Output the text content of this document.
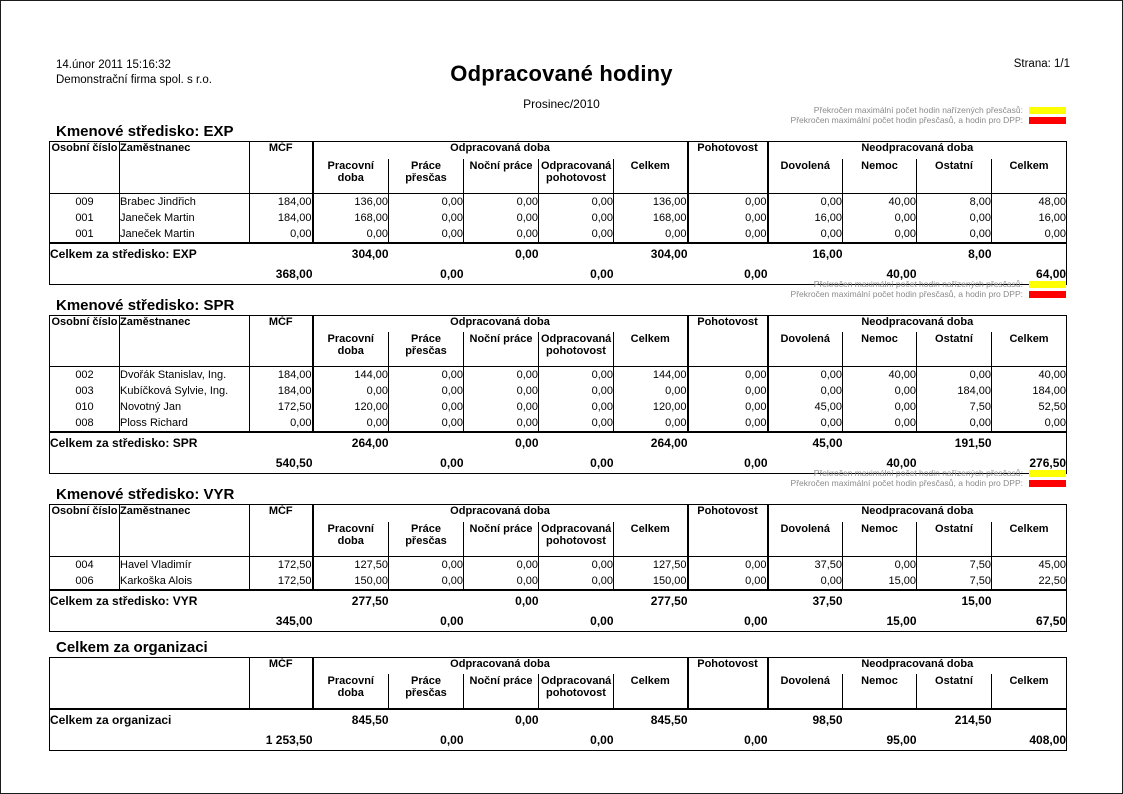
14.únor 2011 15:16:32
Demonstrační firma spol. s r.o.	Odpracované hodiny
Prosinec/2010
Strana: 1/1
Překročen maximální počet hodin nařízených přesčasů:
Překročen maximální počet hodin přesčasů, a hodin pro DPP:
Kmenové středisko: EXP
Osobní číslo	Zaměstnanec	MČF	Odpracovaná doba					Pohotovost	Neodpracovaná doba			
			Pracovní doba	Práce přesčas	Noční práce	Odpracovaná pohotovost	Celkem		Dovolená	Nemoc	Ostatní	Celkem
009	Brabec Jindřich	184,00	136,00	0,00	0,00	0,00	136,00	0,00	0,00	40,00	8,00	48,00
001	Janeček Martin	184,00	168,00	0,00	0,00	0,00	168,00	0,00	16,00	0,00	0,00	16,00
001	Janeček Martin	0,00	0,00	0,00	0,00	0,00	0,00	0,00	0,00	0,00	0,00	0,00
Celkem za středisko: EXP			304,00		0,00		304,00		16,00		8,00	
		368,00		0,00		0,00		0,00		40,00		64,00
Překročen maximální počet hodin nařízených přesčasů:
Překročen maximální počet hodin přesčasů, a hodin pro DPP:
Kmenové středisko: SPR
Osobní číslo	Zaměstnanec	MČF	Odpracovaná doba					Pohotovost	Neodpracovaná doba			
			Pracovní doba	Práce přesčas	Noční práce	Odpracovaná pohotovost	Celkem		Dovolená	Nemoc	Ostatní	Celkem
002	Dvořák Stanislav, Ing.	184,00	144,00	0,00	0,00	0,00	144,00	0,00	0,00	40,00	0,00	40,00
003	Kubíčková Sylvie, Ing.	184,00	0,00	0,00	0,00	0,00	0,00	0,00	0,00	0,00	184,00	184,00
010	Novotný Jan	172,50	120,00	0,00	0,00	0,00	120,00	0,00	45,00	0,00	7,50	52,50
008	Ploss Richard	0,00	0,00	0,00	0,00	0,00	0,00	0,00	0,00	0,00	0,00	0,00
Celkem za středisko: SPR			264,00		0,00		264,00		45,00		191,50	
		540,50		0,00		0,00		0,00		40,00		276,50
Překročen maximální počet hodin nařízených přesčasů:
Překročen maximální počet hodin přesčasů, a hodin pro DPP:
Kmenové středisko: VYR
Osobní číslo	Zaměstnanec	MČF	Odpracovaná doba					Pohotovost	Neodpracovaná doba			
			Pracovní doba	Práce přesčas	Noční práce	Odpracovaná pohotovost	Celkem		Dovolená	Nemoc	Ostatní	Celkem
004	Havel Vladimír	172,50	127,50	0,00	0,00	0,00	127,50	0,00	37,50	0,00	7,50	45,00
006	Karkoška Alois	172,50	150,00	0,00	0,00	0,00	150,00	0,00	0,00	15,00	7,50	22,50
Celkem za středisko: VYR			277,50		0,00		277,50		37,50		15,00	
		345,00		0,00		0,00		0,00		15,00		67,50
Celkem za organizaci
	MČF	Odpracovaná doba					Pohotovost	Neodpracovaná doba			
		Pracovní doba	Práce přesčas	Noční práce	Odpracovaná pohotovost	Celkem		Dovolená	Nemoc	Ostatní	Celkem
Celkem za organizaci		845,50		0,00		845,50		98,50		214,50	
	1 253,50		0,00		0,00		0,00		95,00		408,00
